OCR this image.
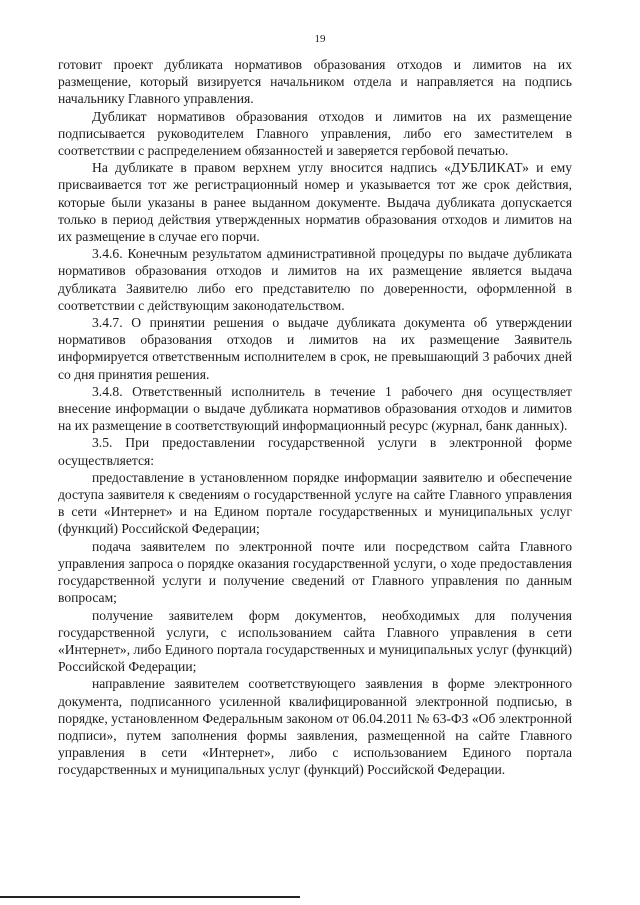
19

готовит проект дубликата нормативов образования отходов и лимитов на их размещение, который визируется начальником отдела и направляется на подпись начальнику Главного управления.

Дубликат нормативов образования отходов и лимитов на их размещение подписывается руководителем Главного управления, либо его заместителем в соответствии с распределением обязанностей и заверяется гербовой печатью.

На дубликате в правом верхнем углу вносится надпись «ДУБЛИКАТ» и ему присваивается тот же регистрационный номер и указывается тот же срок действия, которые были указаны в ранее выданном документе. Выдача дубликата допускается только в период действия утвержденных норматив образования отходов и лимитов на их размещение в случае его порчи.

3.4.6. Конечным результатом административной процедуры по выдаче дубликата нормативов образования отходов и лимитов на их размещение является выдача дубликата Заявителю либо его представителю по доверенности, оформленной в соответствии с действующим законодательством.

3.4.7. О принятии решения о выдаче дубликата документа об утверждении нормативов образования отходов и лимитов на их размещение Заявитель информируется ответственным исполнителем в срок, не превышающий 3 рабочих дней со дня принятия решения.

3.4.8. Ответственный исполнитель в течение 1 рабочего дня осуществляет внесение информации о выдаче дубликата нормативов образования отходов и лимитов на их размещение в соответствующий информационный ресурс (журнал, банк данных).

3.5. При предоставлении государственной услуги в электронной форме осуществляется:

предоставление в установленном порядке информации заявителю и обеспечение доступа заявителя к сведениям о государственной услуге на сайте Главного управления в сети «Интернет» и на Едином портале государственных и муниципальных услуг (функций) Российской Федерации;

подача заявителем по электронной почте или посредством сайта Главного управления запроса о порядке оказания государственной услуги, о ходе предоставления государственной услуги и получение сведений от Главного управления по данным вопросам;

получение заявителем форм документов, необходимых для получения государственной услуги, с использованием сайта Главного управления в сети «Интернет», либо Единого портала государственных и муниципальных услуг (функций) Российской Федерации;

направление заявителем соответствующего заявления в форме электронного документа, подписанного усиленной квалифицированной электронной подписью, в порядке, установленном Федеральным законом от 06.04.2011 № 63-ФЗ «Об электронной подписи», путем заполнения формы заявления, размещенной на сайте Главного управления в сети «Интернет», либо с использованием Единого портала государственных и муниципальных услуг (функций) Российской Федерации.
